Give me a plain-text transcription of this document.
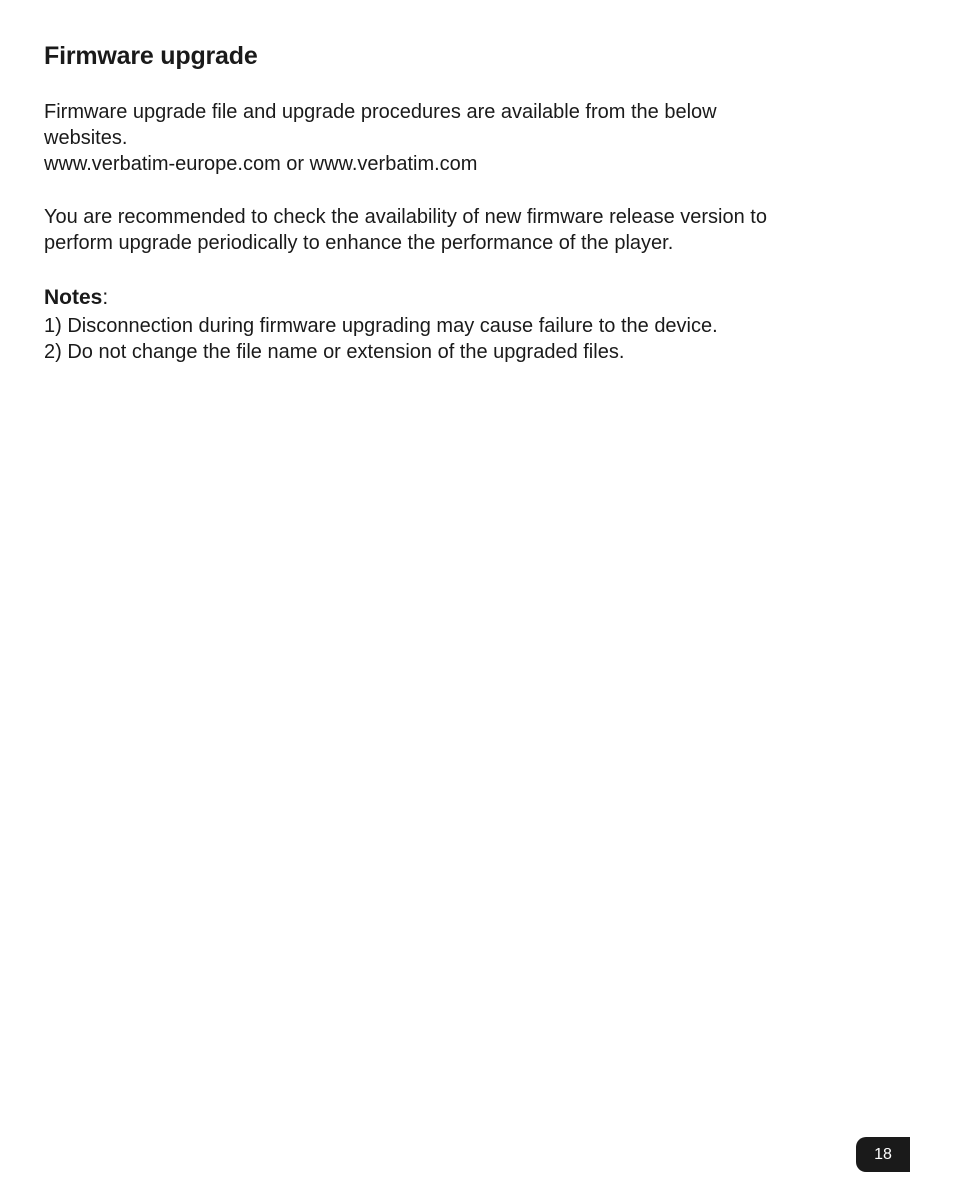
Firmware upgrade

Firmware upgrade file and upgrade procedures are available from the below
websites.
www.verbatim-europe.com or www.verbatim.com

You are recommended to check the availability of new firmware release version to
perform upgrade periodically to enhance the performance of the player.

Notes:
1) Disconnection during firmware upgrading may cause failure to the device.
2) Do not change the file name or extension of the upgraded files.
18
